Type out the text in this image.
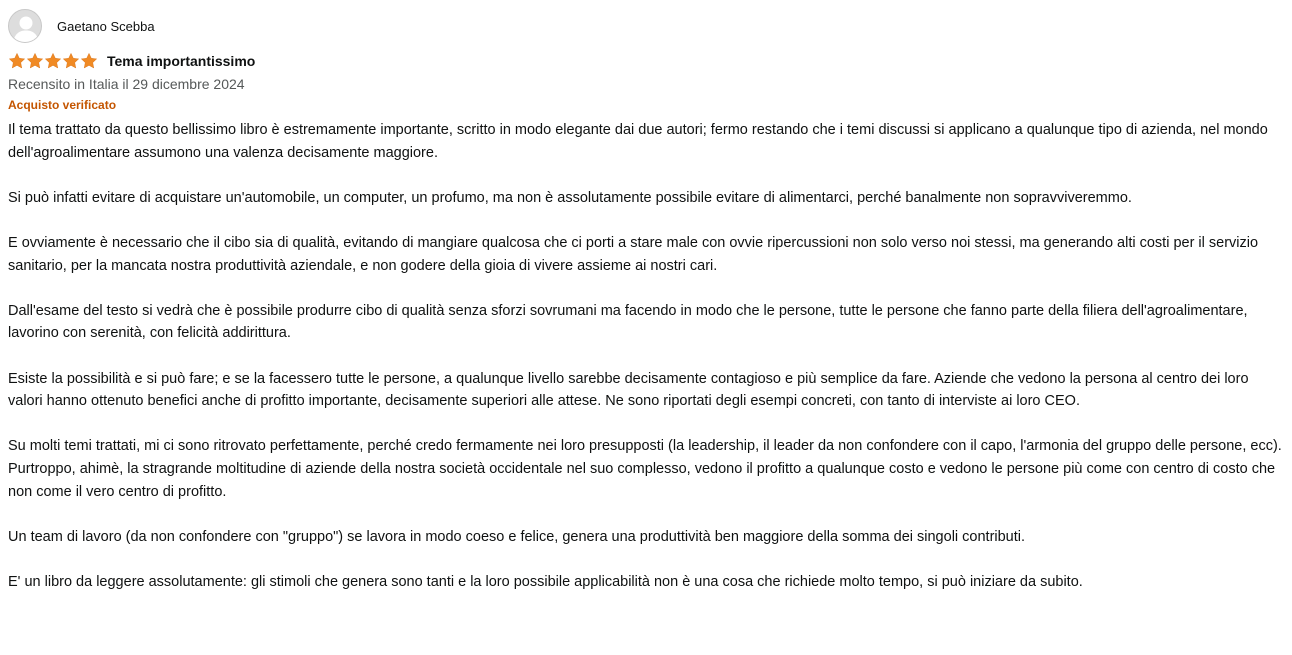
Gaetano Scebba
Tema importantissimo
Recensito in Italia il 29 dicembre 2024
Acquisto verificato
Il tema trattato da questo bellissimo libro è estremamente importante, scritto in modo elegante dai due autori; fermo restando che i temi discussi si applicano a qualunque tipo di azienda, nel mondo dell'agroalimentare assumono una valenza decisamente maggiore.
Si può infatti evitare di acquistare un'automobile, un computer, un profumo, ma non è assolutamente possibile evitare di alimentarci, perché banalmente non sopravviveremmo.
E ovviamente è necessario che il cibo sia di qualità, evitando di mangiare qualcosa che ci porti a stare male con ovvie ripercussioni non solo verso noi stessi, ma generando alti costi per il servizio sanitario, per la mancata nostra produttività aziendale, e non godere della gioia di vivere assieme ai nostri cari.
Dall'esame del testo si vedrà che è possibile produrre cibo di qualità senza sforzi sovrumani ma facendo in modo che le persone, tutte le persone che fanno parte della filiera dell'agroalimentare, lavorino con serenità, con felicità addirittura.
Esiste la possibilità e si può fare; e se la facessero tutte le persone, a qualunque livello sarebbe decisamente contagioso e più semplice da fare. Aziende che vedono la persona al centro dei loro valori hanno ottenuto benefici anche di profitto importante, decisamente superiori alle attese. Ne sono riportati degli esempi concreti, con tanto di interviste ai loro CEO.
Su molti temi trattati, mi ci sono ritrovato perfettamente, perché credo fermamente nei loro presupposti (la leadership, il leader da non confondere con il capo, l'armonia del gruppo delle persone, ecc).
Purtroppo, ahimè, la stragrande moltitudine di aziende della nostra società occidentale nel suo complesso, vedono il profitto a qualunque costo e vedono le persone più come con centro di costo che non come il vero centro di profitto.
Un team di lavoro (da non confondere con "gruppo") se lavora in modo coeso e felice, genera una produttività ben maggiore della somma dei singoli contributi.
E' un libro da leggere assolutamente: gli stimoli che genera sono tanti e la loro possibile applicabilità non è una cosa che richiede molto tempo, si può iniziare da subito.
